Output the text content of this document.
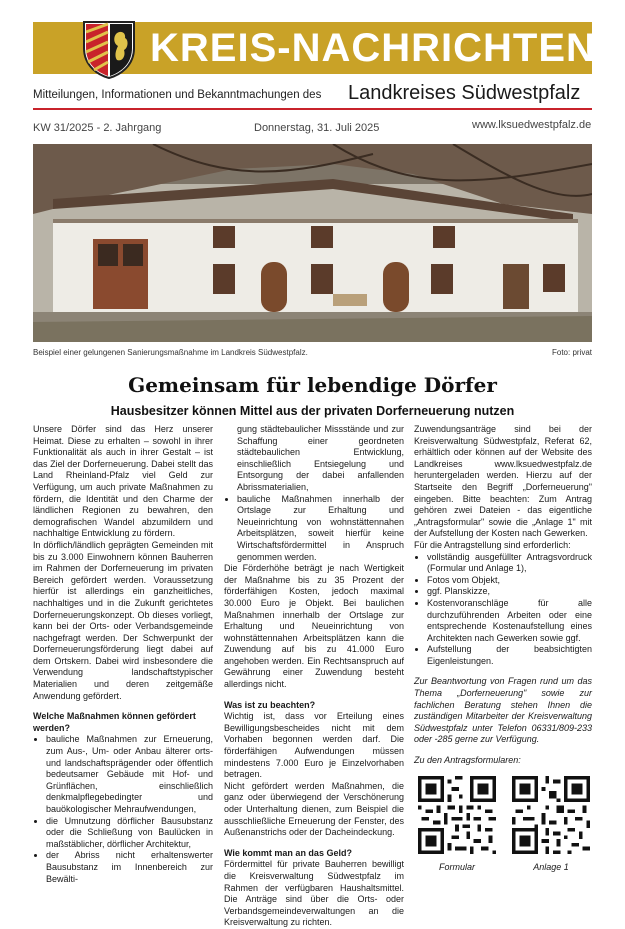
KREIS-NACHRICHTEN
Mitteilungen, Informationen und Bekanntmachungen des Landkreises Südwestpfalz
KW 31/2025 - 2. Jahrgang	Donnerstag, 31. Juli 2025	www.lksuedwestpfalz.de
Beispiel einer gelungenen Sanierungsmaßnahme im Landkreis Südwestpfalz.	Foto: privat
Gemeinsam für lebendige Dörfer
Hausbesitzer können Mittel aus der privaten Dorferneuerung nutzen

Unsere Dörfer sind das Herz unserer Heimat. Diese zu erhalten – sowohl in ihrer Funktionalität als auch in ihrer Gestalt – ist das Ziel der Dorferneuerung. Dabei stellt das Land Rheinland-Pfalz viel Geld zur Verfügung, um auch private Maßnahmen zu fördern, die Identität und den Charme der ländlichen Regionen zu bewahren, den demografischen Wandel abzumildern und nachhaltige Entwicklung zu fördern.

In dörflich/ländlich geprägten Gemeinden mit bis zu 3.000 Einwohnern können Bauherren im Rahmen der Dorferneuerung im privaten Bereich gefördert werden. Voraussetzung hierfür ist allerdings ein ganzheitliches, nachhaltiges und in die Zukunft gerichtetes Dorferneuerungskonzept. Ob dieses vorliegt, kann bei der Orts- oder Verbandsgemeinde nachgefragt werden. Der Schwerpunkt der Dorferneuerungsförderung liegt dabei auf dem Ortskern. Dabei wird insbesondere die Verwendung landschaftstypischer Materialien und deren zeitgemäße Anwendung gefördert.

Welche Maßnahmen können gefördert werden?
• bauliche Maßnahmen zur Erneuerung, zum Aus-, Um- oder Anbau älterer orts- und landschaftsprägender oder öffentlich bedeutsamer Gebäude mit Hof- und Grünflächen, einschließlich denkmalpflegebedingter und bauökologischer Mehraufwendungen,
• die Umnutzung dörflicher Bausubstanz oder die Schließung von Baulücken in maßstäblicher, dörflicher Architektur,
• der Abriss nicht erhaltenswerter Bausubstanz im Innenbereich zur Bewälti-

gung städtebaulicher Missstände und zur Schaffung einer geordneten städtebaulichen Entwicklung, einschließlich Entsiegelung und Entsorgung der dabei anfallenden Abrissmaterialien,

• bauliche Maßnahmen innerhalb der Ortslage zur Erhaltung und Neueinrichtung von wohnstättennahen Arbeitsplätzen, soweit hierfür keine Wirtschaftsfördermittel in Anspruch genommen werden.

Die Förderhöhe beträgt je nach Wertigkeit der Maßnahme bis zu 35 Prozent der förderfähigen Kosten, jedoch maximal 30.000 Euro je Objekt. Bei baulichen Maßnahmen innerhalb der Ortslage zur Erhaltung und Neueinrichtung von wohnstättennahen Arbeitsplätzen kann die Zuwendung auf bis zu 41.000 Euro angehoben werden. Ein Rechtsanspruch auf Gewährung einer Zuwendung besteht allerdings nicht.

Was ist zu beachten?

Wichtig ist, dass vor Erteilung eines Bewilligungsbescheides nicht mit dem Vorhaben begonnen werden darf. Die förderfähigen Aufwendungen müssen mindestens 7.000 Euro je Einzelvorhaben betragen.

Nicht gefördert werden Maßnahmen, die ganz oder überwiegend der Verschönerung oder Unterhaltung dienen, zum Beispiel die ausschließliche Erneuerung der Fenster, des Außenanstrichs oder der Dacheindeckung.

Wie kommt man an das Geld?

Fördermittel für private Bauherren bewilligt die Kreisverwaltung Südwestpfalz im Rahmen der verfügbaren Haushaltsmittel. Die Anträge sind über die Orts- oder Verbandsgemeindeverwaltungen an die Kreisverwaltung zu richten.

Zuwendungsanträge sind bei der Kreisverwaltung Südwestpfalz, Referat 62, erhältlich oder können auf der Website des Landkreises www.lksuedwestpfalz.de heruntergeladen werden. Hierzu auf der Startseite den Begriff „Dorferneuerung" eingeben. Bitte beachten: Zum Antrag gehören zwei Dateien - das eigentliche „Antragsformular" sowie die „Anlage 1" mit der Aufstellung der Kosten nach Gewerken.

Für die Antragstellung sind erforderlich:

• vollständig ausgefüllter Antragsvordruck (Formular und Anlage 1),
• Fotos vom Objekt,
• ggf. Planskizze,
• Kostenvoranschläge für alle durchzuführenden Arbeiten oder eine entsprechende Kostenaufstellung eines Architekten nach Gewerken sowie ggf.
• Aufstellung der beabsichtigten Eigenleistungen.

Zur Beantwortung von Fragen rund um das Thema „Dorferneuerung" sowie zur fachlichen Beratung stehen Ihnen die zuständigen Mitarbeiter der Kreisverwaltung Südwestpfalz unter Telefon 06331/809-233 oder -285 gerne zur Verfügung.

Zu den Antragsformularen:

Formular	Anlage 1
